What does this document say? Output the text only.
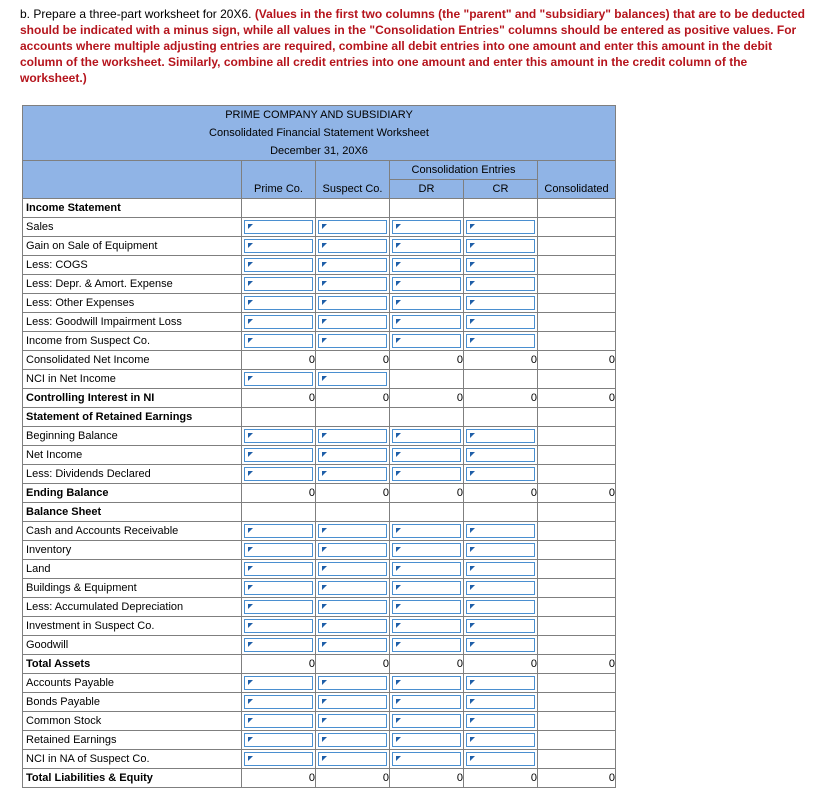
b. Prepare a three-part worksheet for 20X6. (Values in the first two columns (the "parent" and "subsidiary" balances) that are to be deducted should be indicated with a minus sign, while all values in the "Consolidation Entries" columns should be entered as positive values. For accounts where multiple adjusting entries are required, combine all debit entries into one amount and enter this amount in the debit column of the worksheet. Similarly, combine all credit entries into one amount and enter this amount in the credit column of the worksheet.)
PRIME COMPANY AND SUBSIDIARY					
Consolidated Financial Statement Worksheet					
December 31, 20X6					
			Consolidation Entries		
	Prime Co.	Suspect Co.	DR	CR	Consolidated
Income Statement					
Sales	

Gain on Sale of Equipment	

Less: COGS	

Less: Depr. & Amort. Expense	

Less: Other Expenses	

Less: Goodwill Impairment Loss	

Income from Suspect Co.	

Consolidated Net Income	0	0	0	0	0
NCI in Net Income	

Controlling Interest in NI	0	0	0	0	0
Statement of Retained Earnings					
Beginning Balance	

Net Income	

Less: Dividends Declared	

Ending Balance	0	0	0	0	0
Balance Sheet					
Cash and Accounts Receivable	

Inventory	

Land	

Buildings & Equipment	

Less: Accumulated Depreciation	

Investment in Suspect Co.	

Goodwill	

Total Assets	0	0	0	0	0
Accounts Payable	

Bonds Payable	

Common Stock	

Retained Earnings	

NCI in NA of Suspect Co.	

Total Liabilities & Equity	0	0	0	0	0
